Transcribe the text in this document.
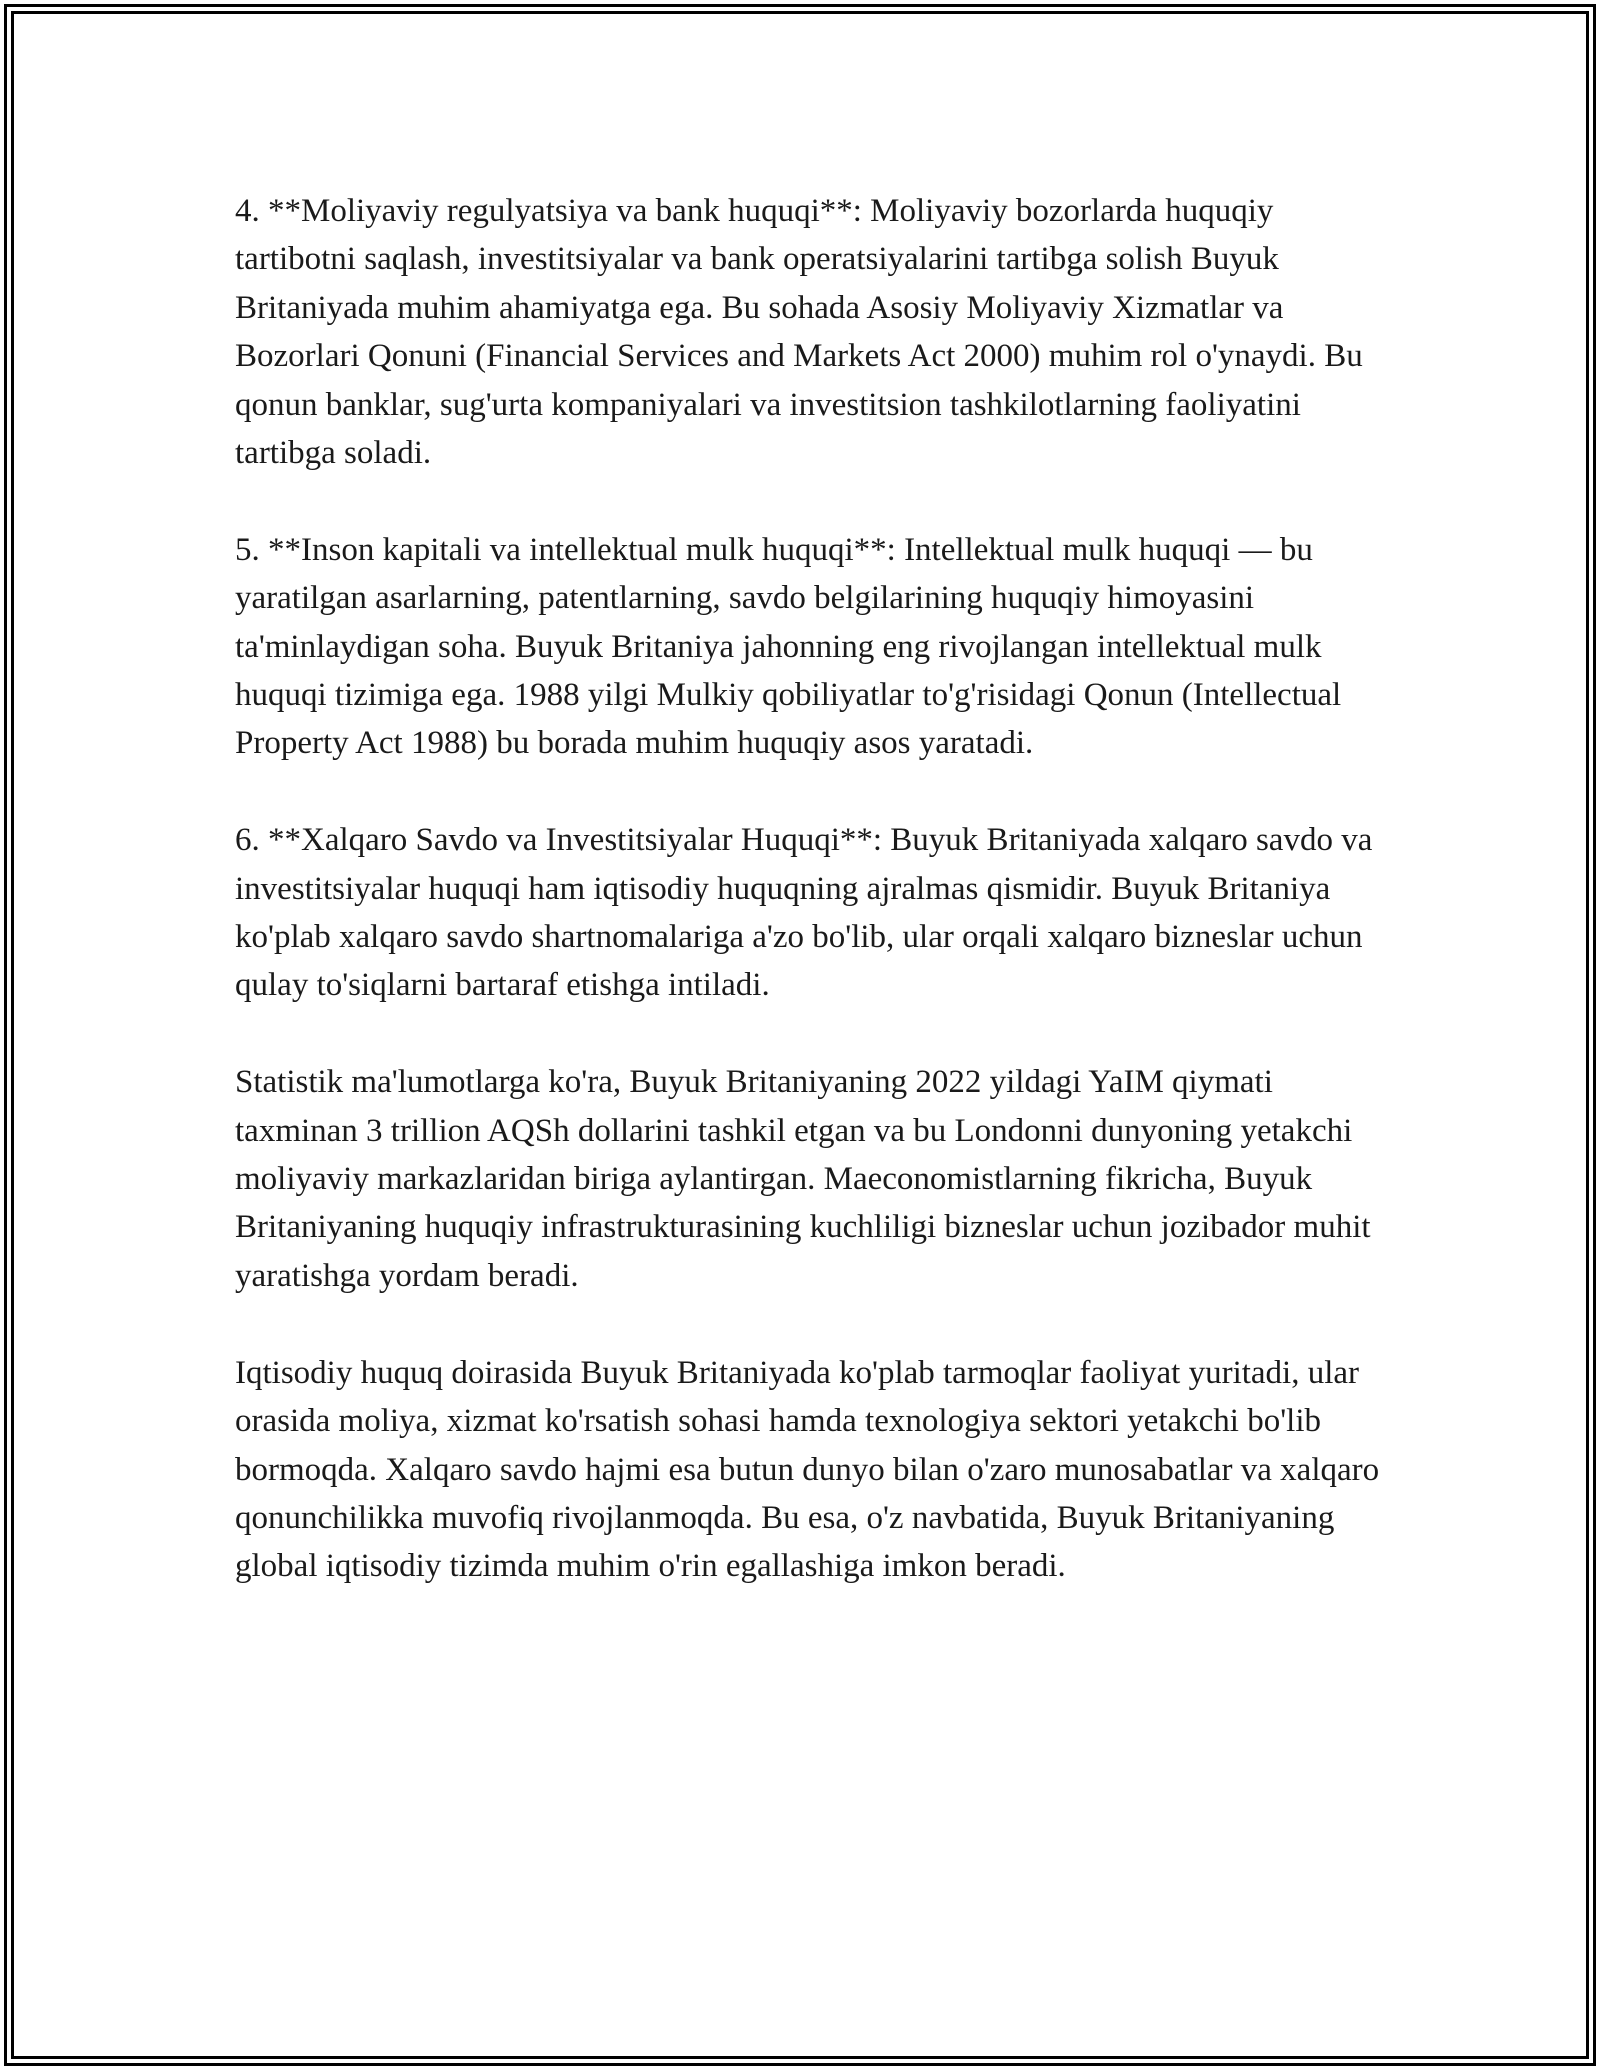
4. **Moliyaviy regulyatsiya va bank huquqi**: Moliyaviy bozorlarda huquqiy tartibotni saqlash, investitsiyalar va bank operatsiyalarini tartibga solish Buyuk Britaniyada muhim ahamiyatga ega. Bu sohada Asosiy Moliyaviy Xizmatlar va Bozorlari Qonuni (Financial Services and Markets Act 2000) muhim rol o'ynaydi. Bu qonun banklar, sug'urta kompaniyalari va investitsion tashkilotlarning faoliyatini tartibga soladi.

5. **Inson kapitali va intellektual mulk huquqi**: Intellektual mulk huquqi — bu yaratilgan asarlarning, patentlarning, savdo belgilarining huquqiy himoyasini ta'minlaydigan soha. Buyuk Britaniya jahonning eng rivojlangan intellektual mulk huquqi tizimiga ega. 1988 yilgi Mulkiy qobiliyatlar to'g'risidagi Qonun (Intellectual Property Act 1988) bu borada muhim huquqiy asos yaratadi.

6. **Xalqaro Savdo va Investitsiyalar Huquqi**: Buyuk Britaniyada xalqaro savdo va investitsiyalar huquqi ham iqtisodiy huquqning ajralmas qismidir. Buyuk Britaniya ko'plab xalqaro savdo shartnomalariga a'zo bo'lib, ular orqali xalqaro bizneslar uchun qulay to'siqlarni bartaraf etishga intiladi.

Statistik ma'lumotlarga ko'ra, Buyuk Britaniyaning 2022 yildagi YaIM qiymati taxminan 3 trillion AQSh dollarini tashkil etgan va bu Londonni dunyoning yetakchi moliyaviy markazlaridan biriga aylantirgan. Maeconomistlarning fikricha, Buyuk Britaniyaning huquqiy infrastrukturasining kuchliligi bizneslar uchun jozibador muhit yaratishga yordam beradi.

Iqtisodiy huquq doirasida Buyuk Britaniyada ko'plab tarmoqlar faoliyat yuritadi, ular orasida moliya, xizmat ko'rsatish sohasi hamda texnologiya sektori yetakchi bo'lib bormoqda. Xalqaro savdo hajmi esa butun dunyo bilan o'zaro munosabatlar va xalqaro qonunchilikka muvofiq rivojlanmoqda. Bu esa, o'z navbatida, Buyuk Britaniyaning global iqtisodiy tizimda muhim o'rin egallashiga imkon beradi.
